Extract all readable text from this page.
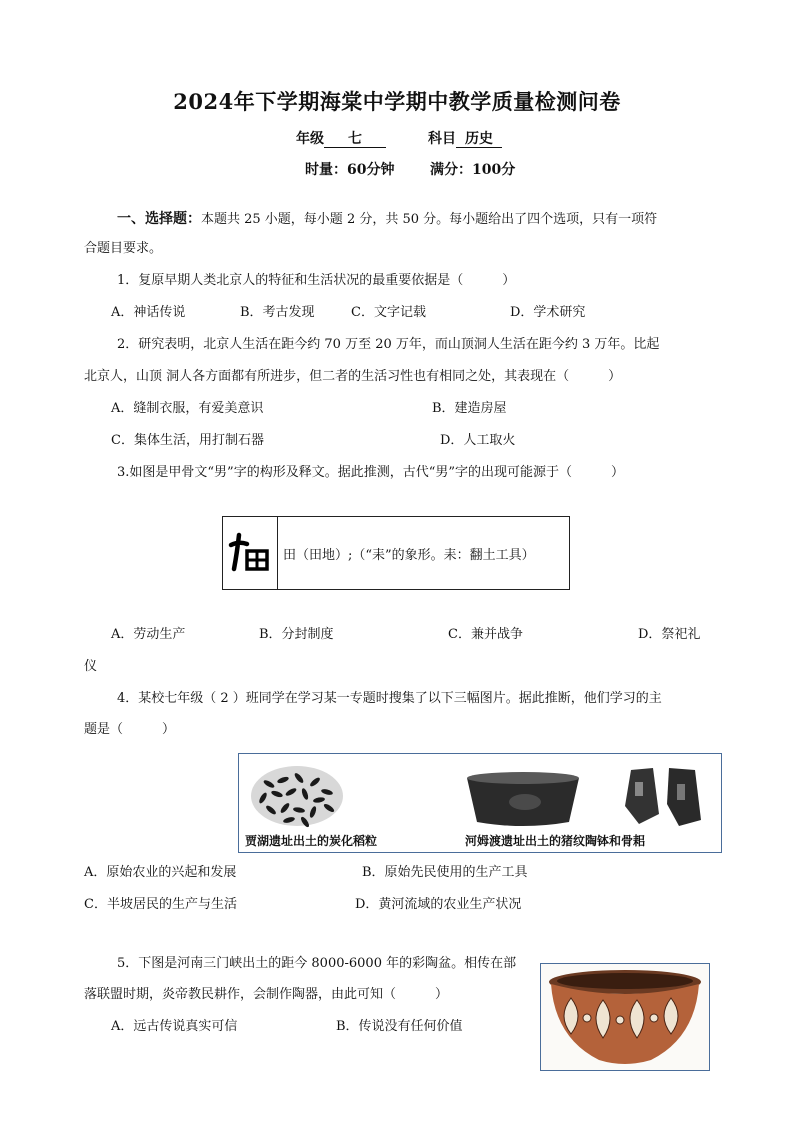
2024年下学期海棠中学期中教学质量检测问卷
年级 七	科目 历史
时量：60分钟	满分：100分
一、选择题：本题共 25 小题，每小题 2 分，共 50 分。每小题给出了四个选项，只有一项符
合题目要求。
1．复原早期人类北京人的特征和生活状况的最重要依据是（　　　）
A．神话传说	B．考古发现	C．文字记载	D．学术研究
2．研究表明，北京人生活在距今约 70 万至 20 万年，而山顶洞人生活在距今约 3 万年。比起
北京人，山顶 洞人各方面都有所进步，但二者的生活习性也有相同之处，其表现在（　　　）
A．缝制衣服，有爱美意识	B．建造房屋
C．集体生活，用打制石器	D．人工取火
3.如图是甲骨文“男”字的构形及释文。据此推测，古代“男”字的出现可能源于（　　　）
田（田地）;（“耒”的象形。耒：翻土工具）
A．劳动生产	B．分封制度	C．兼并战争	D．祭祀礼
仪
4．某校七年级（ 2 ）班同学在学习某一专题时搜集了以下三幅图片。据此推断，他们学习的主
题是（　　　）
贾湖遗址出土的炭化稻粒	河姆渡遗址出土的猪纹陶钵和骨耜
A．原始农业的兴起和发展	B．原始先民使用的生产工具
C．半坡居民的生产与生活	D．黄河流域的农业生产状况
5．下图是河南三门峡出土的距今 8000-6000 年的彩陶盆。相传在部
落联盟时期，炎帝教民耕作，会制作陶器，由此可知（　　　）
A．远古传说真实可信	B．传说没有任何价值
